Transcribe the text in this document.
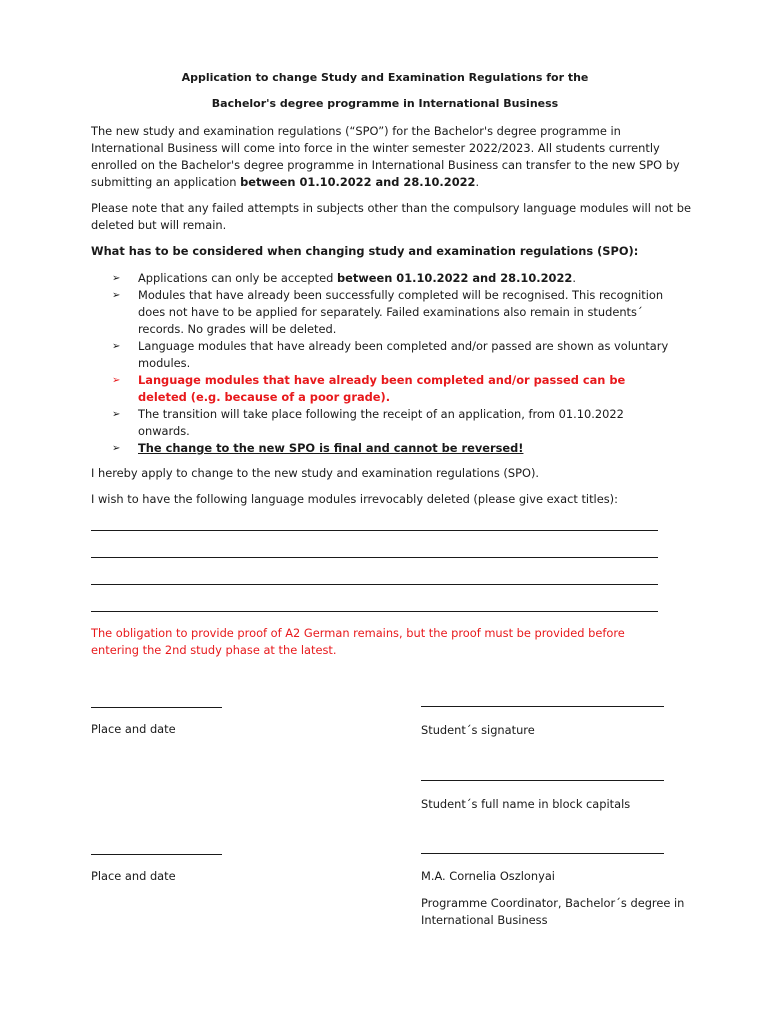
Application to change Study and Examination Regulations for the
Bachelor's degree programme in International Business
The new study and examination regulations (“SPO”) for the Bachelor's degree programme in International Business will come into force in the winter semester 2022/2023. All students currently enrolled on the Bachelor's degree programme in International Business can transfer to the new SPO by submitting an application between 01.10.2022 and 28.10.2022.
Please note that any failed attempts in subjects other than the compulsory language modules will not be deleted but will remain.
What has to be considered when changing study and examination regulations (SPO):
➢ Applications can only be accepted between 01.10.2022 and 28.10.2022.
➢ Modules that have already been successfully completed will be recognised. This recognition does not have to be applied for separately. Failed examinations also remain in students´ records. No grades will be deleted.
➢ Language modules that have already been completed and/or passed are shown as voluntary modules.
➢ Language modules that have already been completed and/or passed can be deleted (e.g. because of a poor grade).
➢ The transition will take place following the receipt of an application, from 01.10.2022 onwards.
➢ The change to the new SPO is final and cannot be reversed!
I hereby apply to change to the new study and examination regulations (SPO).
I wish to have the following language modules irrevocably deleted (please give exact titles):
The obligation to provide proof of A2 German remains, but the proof must be provided before entering the 2nd study phase at the latest.
Place and date	Student´s signature
Student´s full name in block capitals
Place and date	M.A. Cornelia Oszlonyai
Programme Coordinator, Bachelor´s degree in International Business
